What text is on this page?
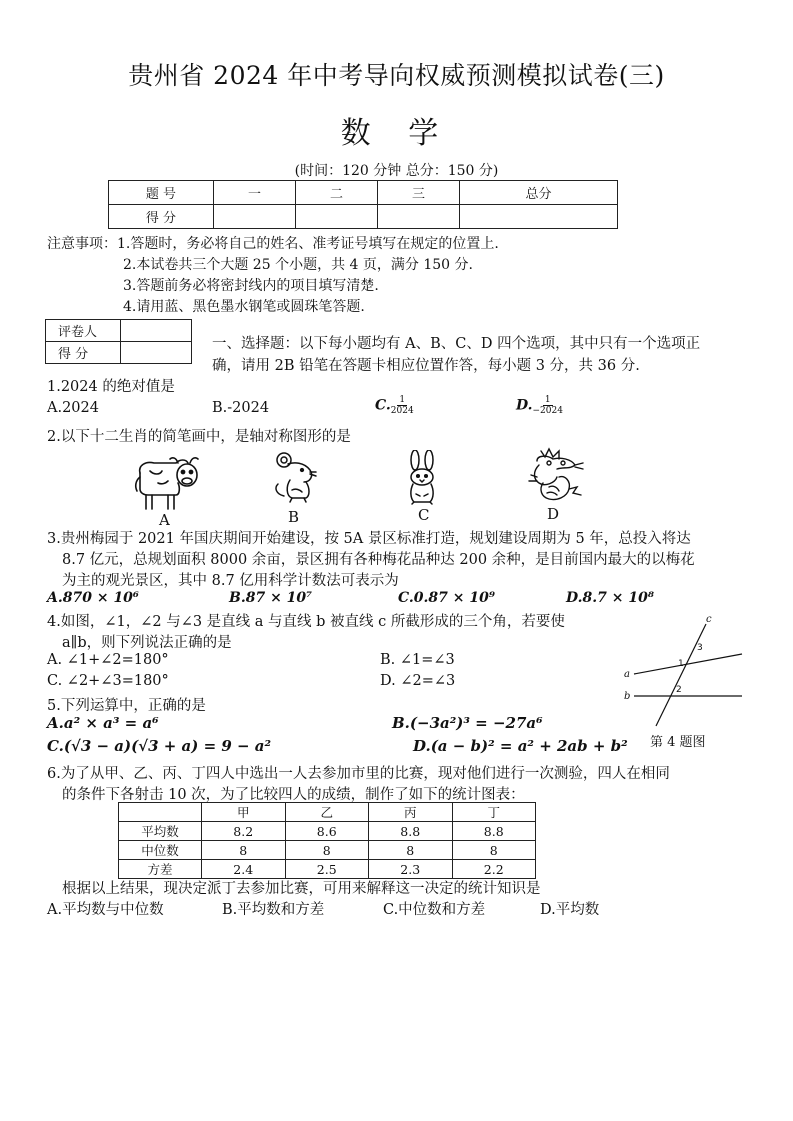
贵州省 2024 年中考导向权威预测模拟试卷(三)
数 学
(时间：120 分钟 总分：150 分)
题 号	一	二	三	总分
得 分				
注意事项：1.答题时，务必将自己的姓名、准考证号填写在规定的位置上.
2.本试卷共三个大题 25 个小题，共 4 页，满分 150 分.
3.答题前务必将密封线内的项目填写清楚.
4.请用蓝、黑色墨水钢笔或圆珠笔答题.
评卷人	
得 分	
一、选择题：以下每小题均有 A、B、C、D 四个选项，其中只有一个选项正
确，请用 2B 铅笔在答题卡相应位置作答，每小题 3 分，共 36 分.
1.2024 的绝对值是
A.2024	B.-2024	C. $\frac{1}{2024}$	D. $\frac{1}{-2024}$
2.以下十二生肖的简笔画中，是轴对称图形的是
A	B	C	D
3.贵州梅园于 2021 年国庆期间开始建设，按 5A 景区标准打造，规划建设周期为 5 年，总投入将达
8.7 亿元，总规划面积 8000 余亩，景区拥有各种梅花品种达 200 余种，是目前国内最大的以梅花
为主的观光景区，其中 8.7 亿用科学计数法可表示为
A.870 × 10⁶	B.87 × 10⁷	C.0.87 × 10⁹	D.8.7 × 10⁸
4.如图，∠1，∠2 与∠3 是直线 a 与直线 b 被直线 c 所截形成的三个角，若要使
a∥b，则下列说法正确的是
A. ∠1+∠2=180°	B. ∠1=∠3
C. ∠2+∠3=180°	D. ∠2=∠3	a
b
c
1
2
3
第 4 题图
5.下列运算中，正确的是
A.a² × a³ = a⁶	B.(−3a²)³ = −27a⁶
C.(√3 − a)(√3 + a) = 9 − a²	D.(a − b)² = a² + 2ab + b²
6.为了从甲、乙、丙、丁四人中选出一人去参加市里的比赛，现对他们进行一次测验，四人在相同
的条件下各射击 10 次，为了比较四人的成绩，制作了如下的统计图表：
	甲	乙	丙	丁
平均数	8.2	8.6	8.8	8.8
中位数	8	8	8	8
方差	2.4	2.5	2.3	2.2
根据以上结果，现决定派丁去参加比赛，可用来解释这一决定的统计知识是
A.平均数与中位数	B.平均数和方差	C.中位数和方差	D.平均数
